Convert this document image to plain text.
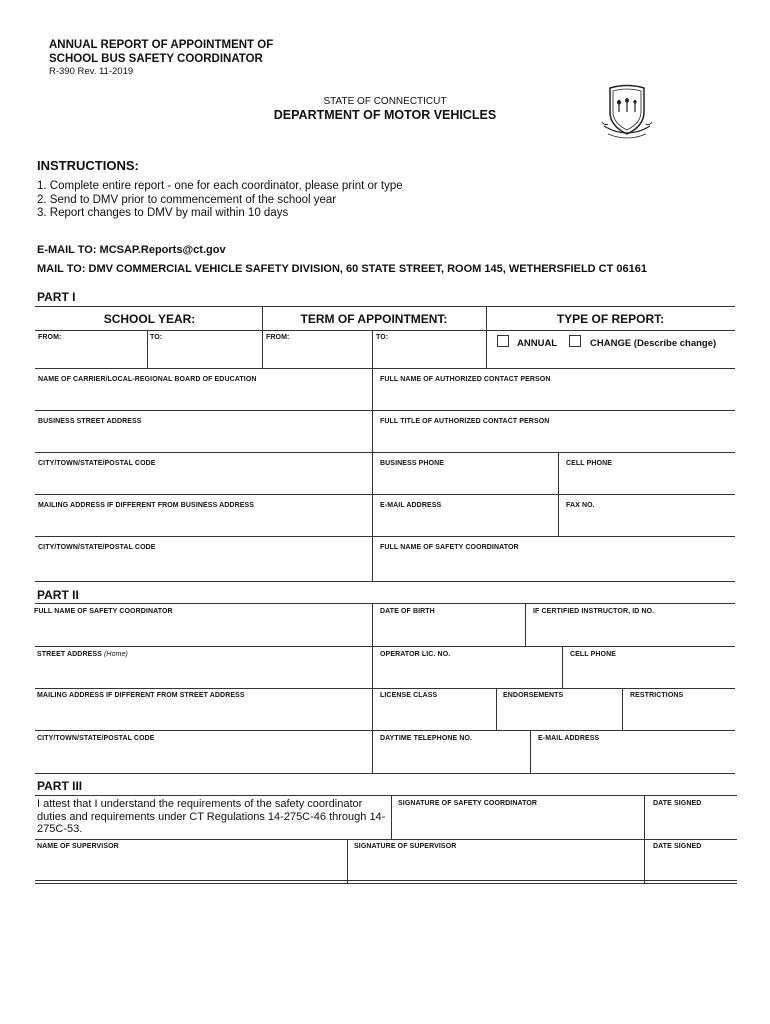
ANNUAL REPORT OF APPOINTMENT OF
SCHOOL BUS SAFETY COORDINATOR
R-390 Rev. 11-2019
STATE OF CONNECTICUT
DEPARTMENT OF MOTOR VEHICLES
INSTRUCTIONS:
1. Complete entire report - one for each coordinator, please print or type
2. Send to DMV prior to commencement of the school year
3. Report changes to DMV by mail within 10 days
E-MAIL TO: MCSAP.Reports@ct.gov
MAIL TO: DMV COMMERCIAL VEHICLE SAFETY DIVISION, 60 STATE STREET, ROOM 145, WETHERSFIELD CT 06161
PART I
SCHOOL YEAR:	TERM OF APPOINTMENT:	TYPE OF REPORT:
FROM:	TO:	FROM:	TO:
ANNUAL	CHANGE (Describe change)
NAME OF CARRIER/LOCAL-REGIONAL BOARD OF EDUCATION	FULL NAME OF AUTHORIZED CONTACT PERSON
BUSINESS STREET ADDRESS	FULL TITLE OF AUTHORIZED CONTACT PERSON
CITY/TOWN/STATE/POSTAL CODE	BUSINESS PHONE	CELL PHONE
MAILING ADDRESS IF DIFFERENT FROM BUSINESS ADDRESS	E-MAIL ADDRESS	FAX NO.
CITY/TOWN/STATE/POSTAL CODE	FULL NAME OF SAFETY COORDINATOR
PART II
FULL NAME OF SAFETY COORDINATOR	DATE OF BIRTH	IF CERTIFIED INSTRUCTOR, ID NO.
STREET ADDRESS (Home)	OPERATOR LIC. NO.	CELL PHONE
MAILING ADDRESS IF DIFFERENT FROM STREET ADDRESS	LICENSE CLASS	ENDORSEMENTS	RESTRICTIONS
CITY/TOWN/STATE/POSTAL CODE	DAYTIME TELEPHONE NO.	E-MAIL ADDRESS
PART III
I attest that I understand the requirements of the safety coordinator duties and requirements under CT Regulations 14-275C-46 through 14-275C-53.
SIGNATURE OF SAFETY COORDINATOR	DATE SIGNED
NAME OF SUPERVISOR	SIGNATURE OF SUPERVISOR	DATE SIGNED
